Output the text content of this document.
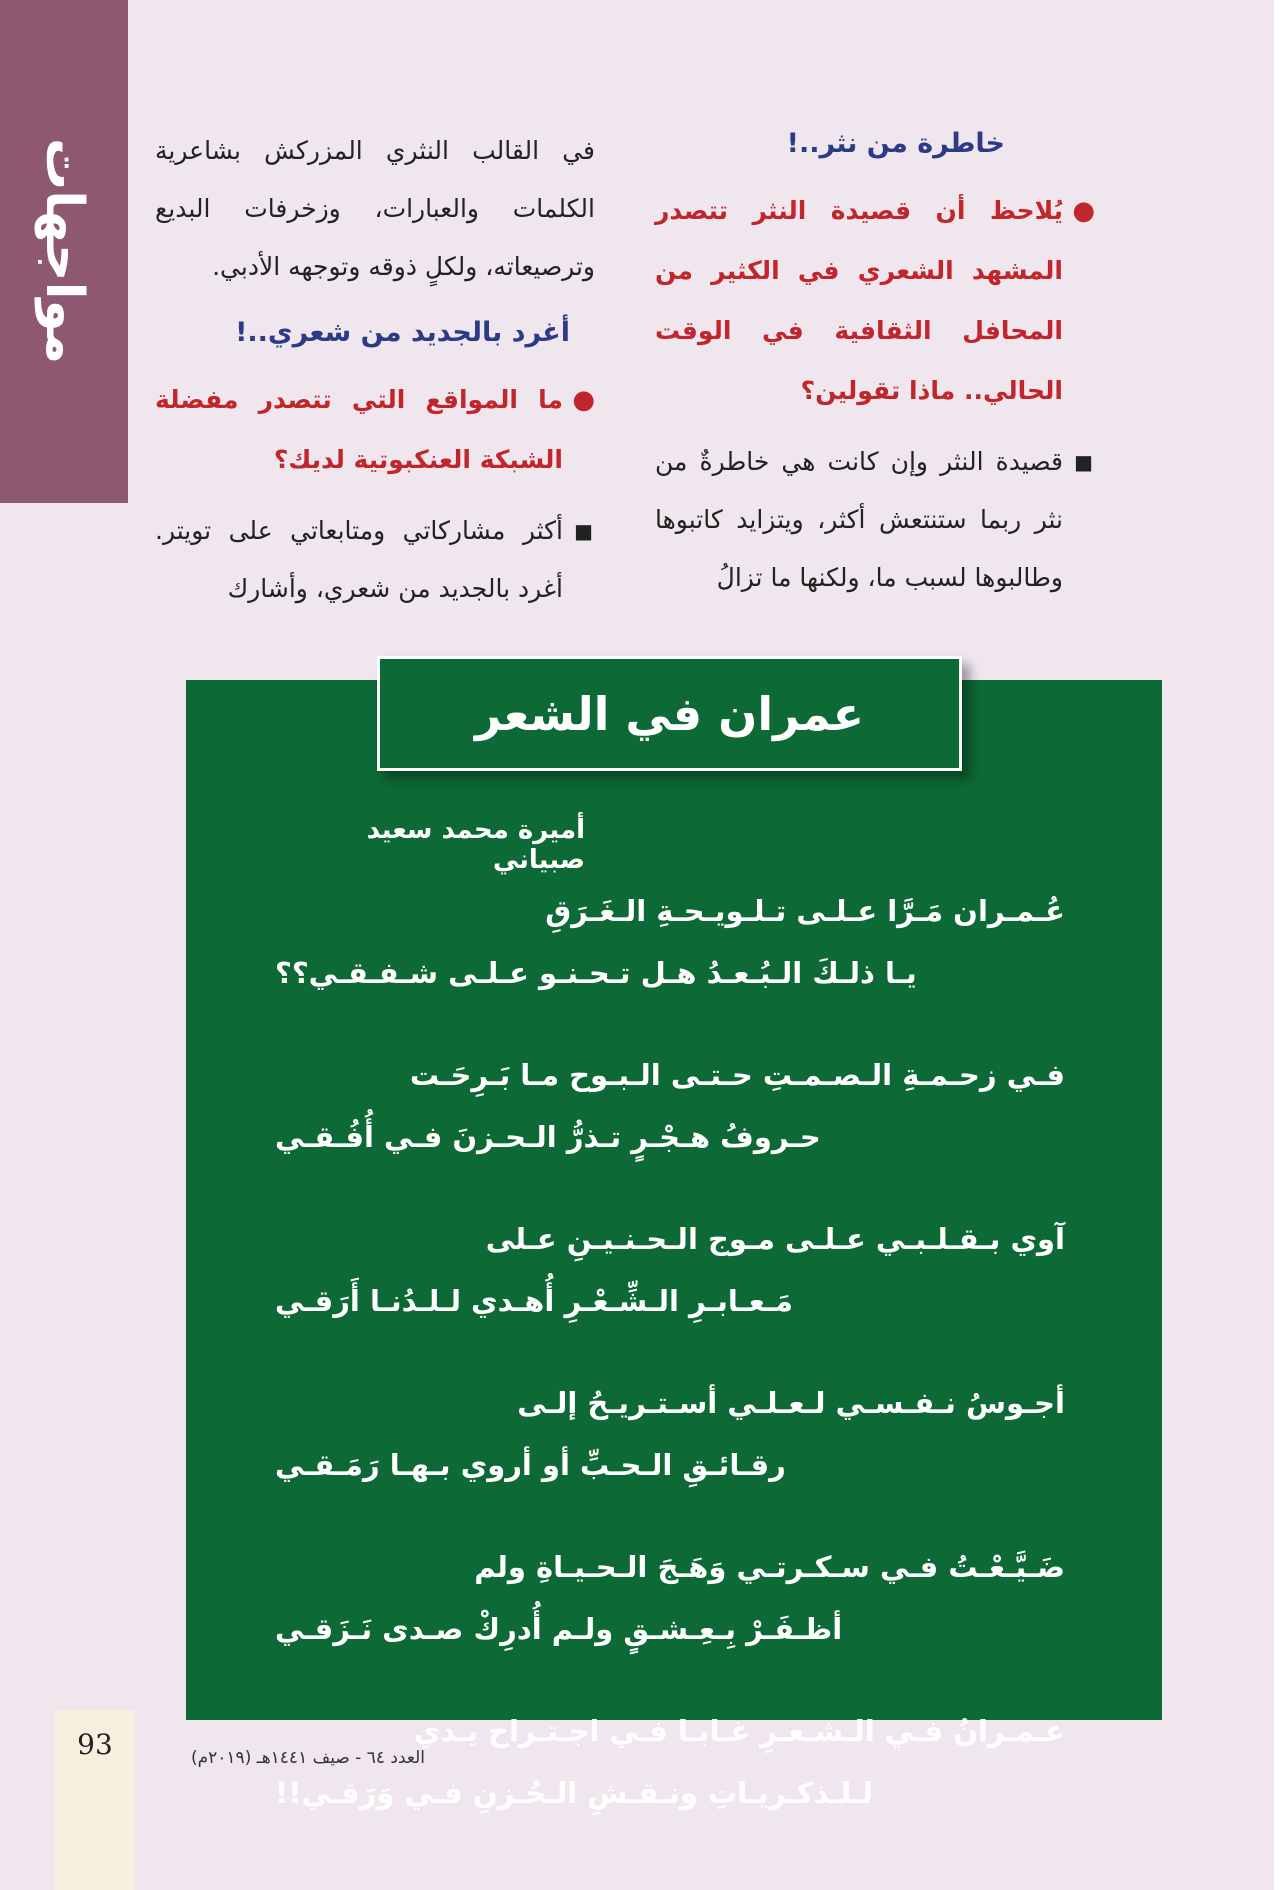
مواجهات	خاطرة من نثر..!

●
يُلاحظ أن قصيدة النثر تتصدر المشهد الشعري في الكثير من المحافل الثقافية في الوقت الحالي.. ماذا تقولين؟
■
قصيدة النثر وإن كانت هي خاطرةٌ من نثر ربما ستنتعش أكثر، ويتزايد كاتبوها وطالبوها لسبب ما، ولكنها ما تزالُ

في القالب النثري المزركش بشاعرية الكلمات والعبارات، وزخرفات البديع وترصيعاته، ولكلٍ ذوقه وتوجهه الأدبي.

أغرد بالجديد من شعري..!

●
ما المواقع التي تتصدر مفضلة الشبكة العنكبوتية لديك؟
■
أكثر مشاركاتي ومتابعاتي على تويتر. أغرد بالجديد من شعري، وأشارك
عمران في الشعر
أميرة محمد سعيد صبياني
عُـمـران مَـرَّا عـلـى تـلـويـحـةِ الـغَـرَقِ
يـا ذلـكَ الـبُـعـدُ هـل تـحـنـو عـلـى شـفـقـي؟؟
فـي زحـمـةِ الـصـمـتِ حـتـى الـبـوح مـا بَـرِحَـت
حـروفُ هـجْـرٍ تـذرُّ الـحـزنَ فـي أُفُـقـي
آوي بـقـلـبـي عـلـى مـوج الـحـنـيـنِ عـلى
مَـعـابـرِ الـشِّـعْـرِ أُهـدي لـلـدُنـا أَرَقـي
أجـوسُ نـفـسـي لـعـلـي أسـتـريـحُ إلـى
رقـائـقِ الـحـبِّ أو أروي بـهـا رَمَـقـي
ضَـيَّـعْـتُ فـي سـكـرتـي وَهَـجَ الـحـيـاةِ ولم
أظـفَـرْ بِـعِـشـقٍ ولـم أُدرِكْ صـدى نَـزَقـي
عـمـرانُ فـي الـشـعـرِ غـابـا فـي اجـتـراح يـدي
لـلـذكـريـاتِ ونـقـشِ الـحُـزنِ فـي وَرَقـي!!
93	العدد ٦٤ - صيف ١٤٤١هـ (٢٠١٩م)
